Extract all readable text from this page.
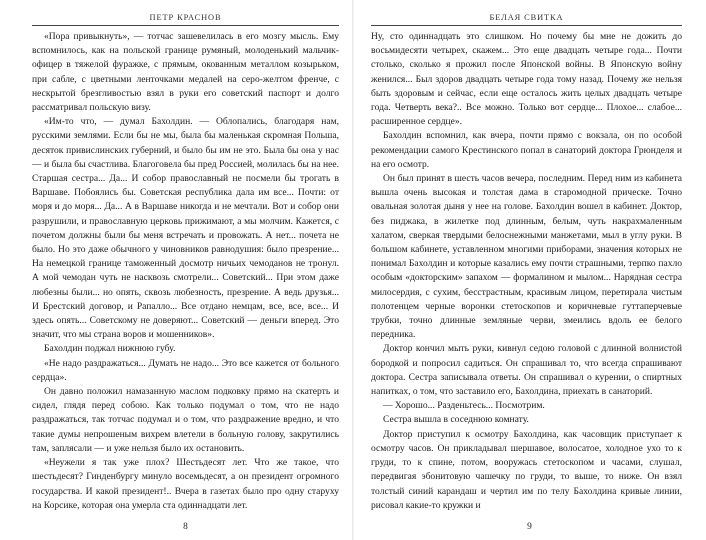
ПЕТР КРАСНОВ

«Пора привыкнуть», — тотчас зашевелилась в его мозгу мысль. Ему вспомнилось, как на польской границе румяный, молоденький мальчик-офицер в тяжелой фуражке, с прямым, окованным металлом козырьком, при сабле, с цветными ленточками медалей на серо-желтом френче, с нескрытой брезгливостью взял в руки его советский паспорт и долго рассматривал польскую визу.

«Им-то что, — думал Бахолдин. — Облопались, благодаря нам, русскими землями. Если бы не мы, была бы маленькая скромная Польша, десяток привислинских губерний, и было бы им не это. Была бы она у нас — и была бы счастлива. Благоговела бы пред Россией, молилась бы на нее. Старшая сестра... Да... И собор православный не посмели бы трогать в Варшаве. Побоялись бы. Советская республика дала им все... Почти: от моря и до моря... Да... А в Варшаве никогда и не мечтали. Вот и собор они разрушили, и православную церковь прижимают, а мы молчим. Кажется, с почетом должны были бы меня встречать и провожать. А нет... почета не было. Но это даже обычного у чиновников равнодушия: было презрение... На немецкой границе таможенный досмотр ничьих чемоданов не тронул. А мой чемодан чуть не насквозь смотрели... Советский... При этом даже любезны были... но опять, сквозь любезность, презрение. А ведь друзья... И Брестский договор, и Рапалло... Все отдано немцам, все, все, все... И здесь опять... Советскому не доверяют... Советский — деньги вперед. Это значит, что мы страна воров и мошенников».

Бахолдин поджал нижнюю губу.

«Не надо раздражаться... Думать не надо... Это все кажется от больного сердца».

Он давно положил намазанную маслом подковку прямо на скатерть и сидел, глядя перед собою. Как только подумал о том, что не надо раздражаться, так тотчас подумал и о том, что раздражение вредно, и что такие думы непрошеным вихрем влетели в больную голову, закрутились там, заплясали — и уже нельзя было их остановить.

«Неужели я так уже плох? Шестьдесят лет. Что же такое, что шестьдесят? Гинденбургу минуло восемьдесят, а он президент огромного государства. И какой президент!.. Вчера в газетах было про одну старуху на Корсике, которая она умерла ста одиннадцати лет.

8
БЕЛАЯ СВИТКА

Ну, сто одиннадцать это слишком. Но почему бы мне не дожить до восьмидесяти четырех, скажем... Это еще двадцать четыре года... Почти столько, сколько я прожил после Японской войны. В Японскую войну женился... Был здоров двадцать четыре года тому назад. Почему же нельзя быть здоровым и сейчас, если еще осталось жить целых двадцать четыре года. Четверть века?.. Все можно. Только вот сердце... Плохое... слабое... расширенное сердце».

Бахолдин вспомнил, как вчера, почти прямо с вокзала, он по особой рекомендации самого Крестинского попал в санаторий доктора Грюнделя и на его осмотр.

Он был принят в шесть часов вечера, последним. Перед ним из кабинета вышла очень высокая и толстая дама в старомодной прическе. Точно овальная золотая дыня у нее на голове. Бахолдин вошел в кабинет. Доктор, без пиджака, в жилетке под длинным, белым, чуть накрахмаленным халатом, сверкая твердыми белоснежными манжетами, мыл в углу руки. В большом кабинете, уставленном многими приборами, значения которых не понимал Бахолдин и которые казались ему почти страшными, терпко пахло особым «докторским» запахом — формалином и мылом... Нарядная сестра милосердия, с сухим, бесстрастным, красивым лицом, перетирала чистым полотенцем черные воронки стетоскопов и коричневые гуттаперчевые трубки, точно длинные земляные черви, змеились вдоль ее белого передника.

Доктор кончил мыть руки, кивнул седою головой с длинной волнистой бородкой и попросил садиться. Он спрашивал то, что всегда спрашивают доктора. Сестра записывала ответы. Он спрашивал о курении, о спиртных напитках, о том, что заставило его, Бахолдина, приехать в санаторий.

— Хорошо... Разденьтесь... Посмотрим.

Сестра вышла в соседнюю комнату.

Доктор приступил к осмотру Бахолдина, как часовщик приступает к осмотру часов. Он прикладывал шершавое, волосатое, холодное ухо то к груди, то к спине, потом, вооружась стетоскопом и часами, слушал, передвигая эбонитовую чашечку по груди, то выше, то ниже. Он взял толстый синий карандаш и чертил им по телу Бахолдина кривые линии, рисовал какие-то кружки и

9
